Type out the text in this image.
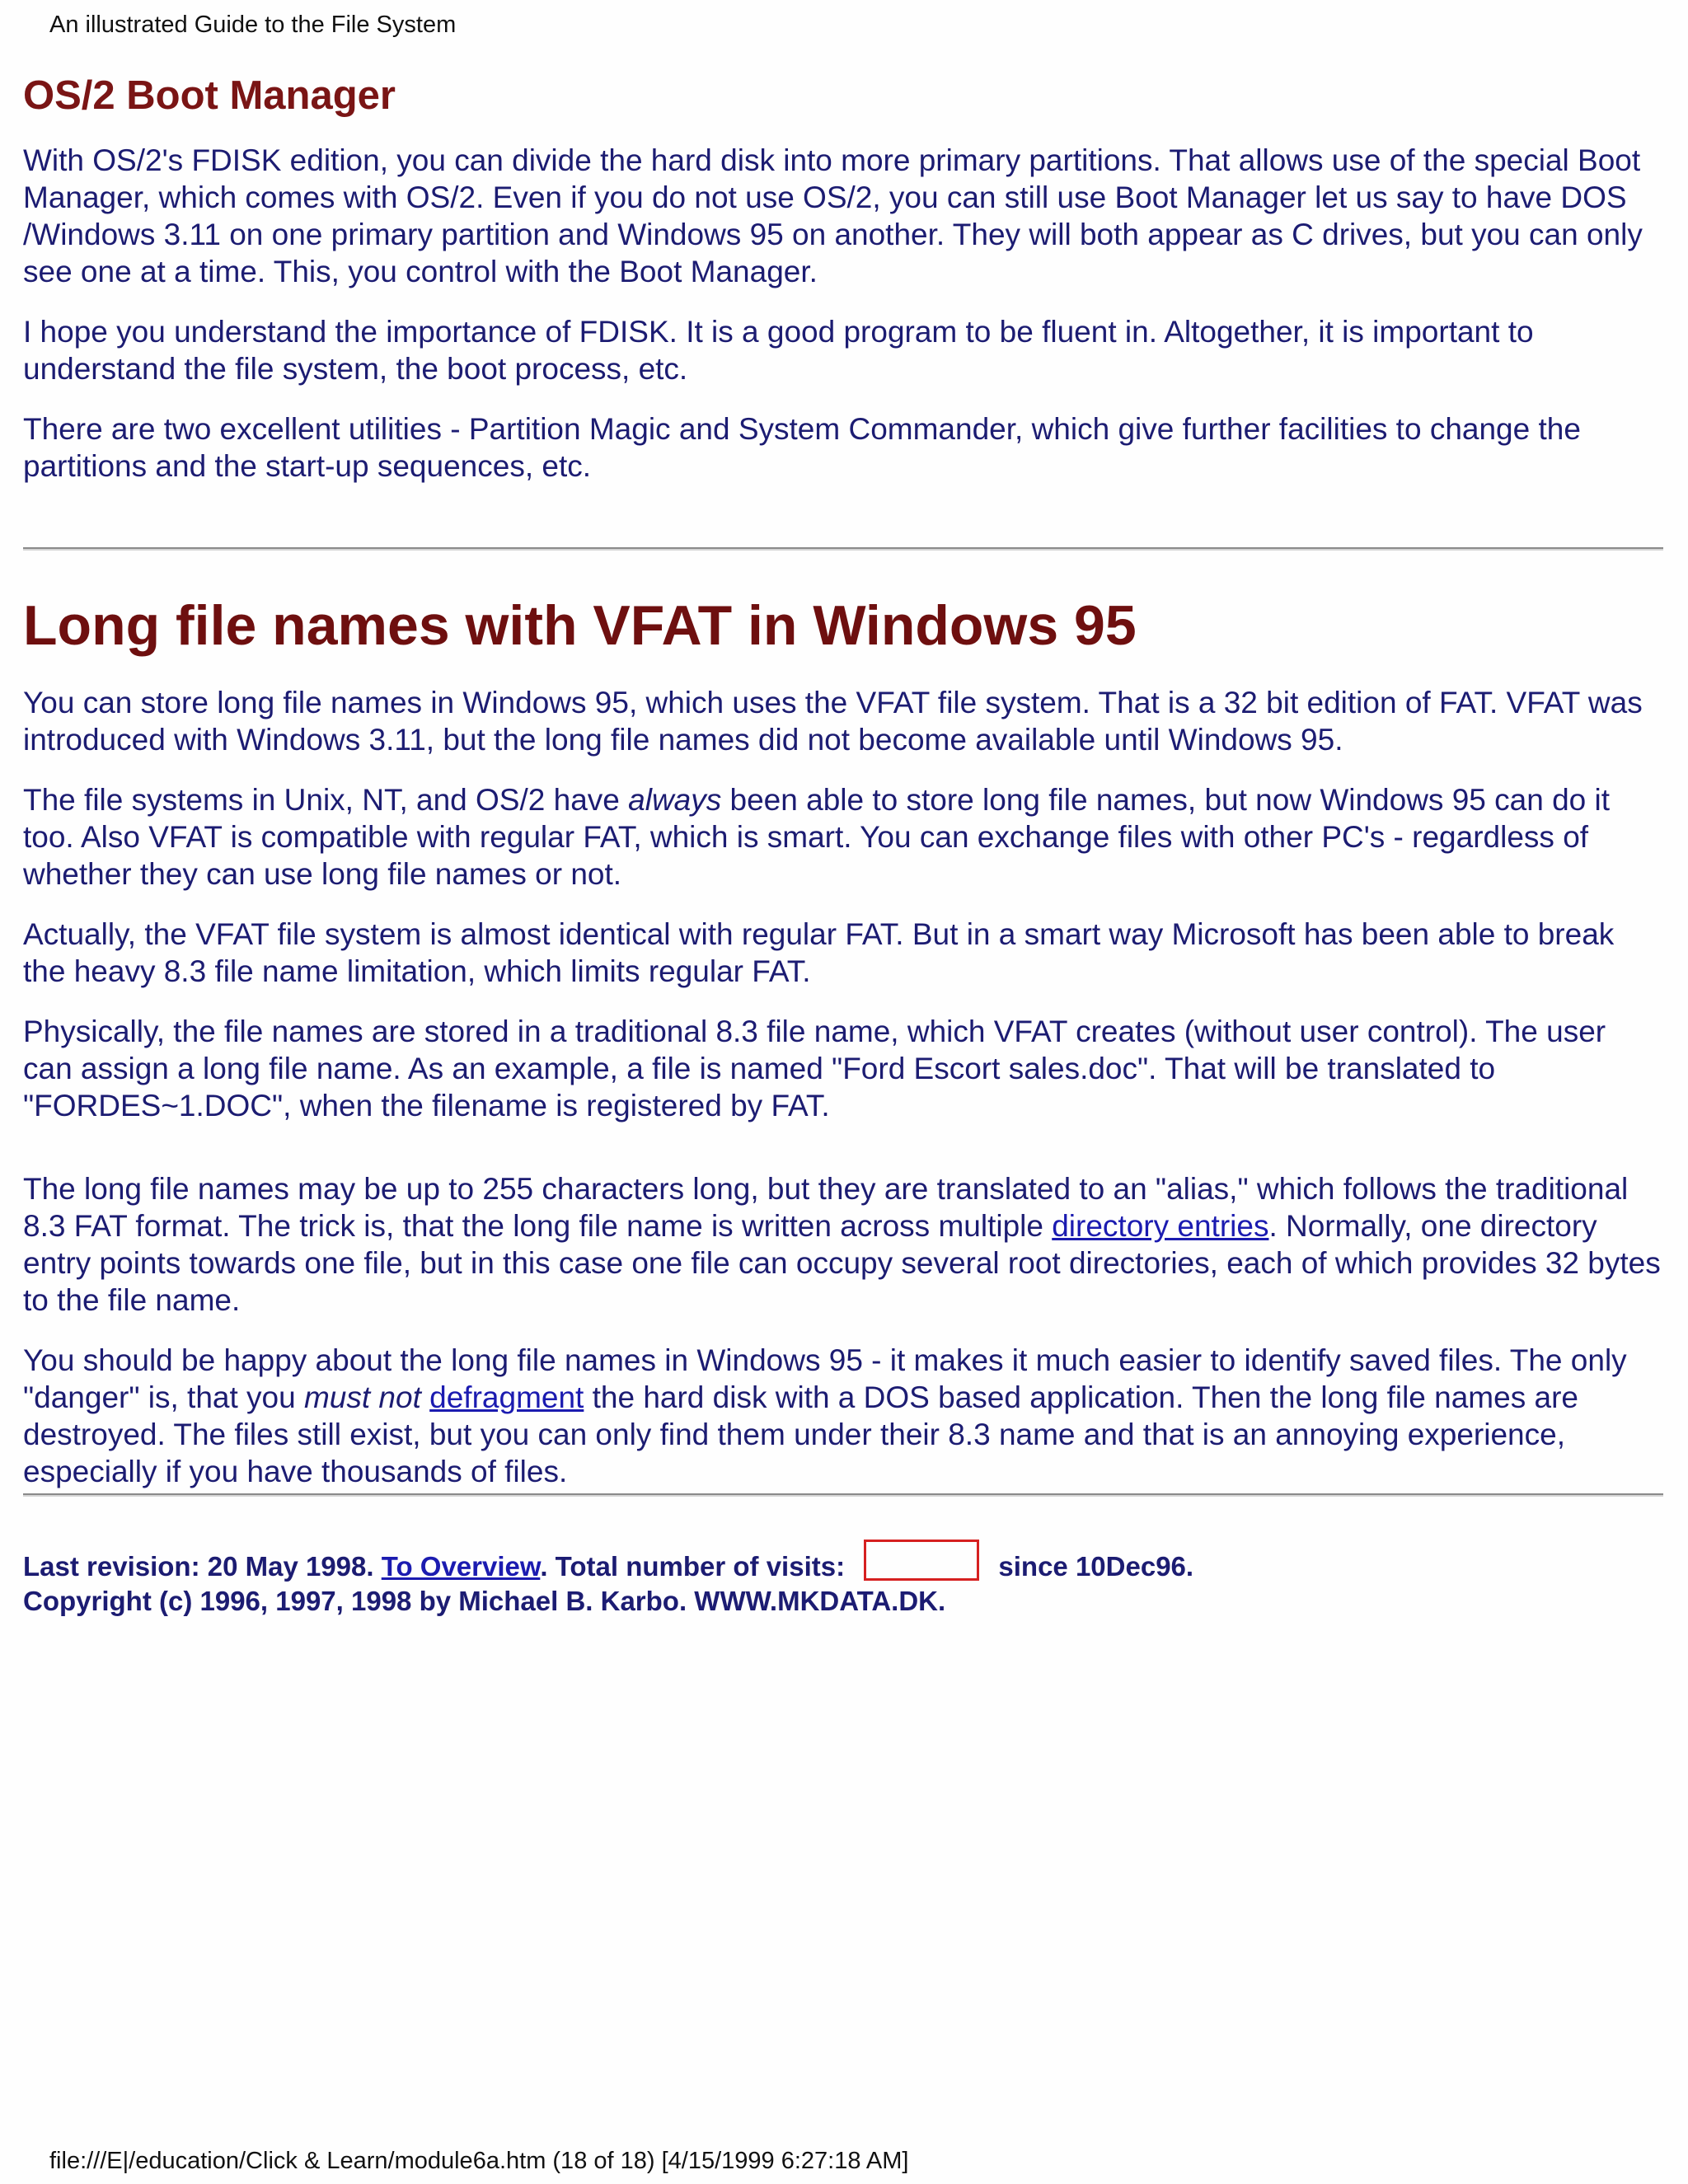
An illustrated Guide to the File System
OS/2 Boot Manager

With OS/2's FDISK edition, you can divide the hard disk into more primary partitions. That allows use of the special Boot Manager, which comes with OS/2. Even if you do not use OS/2, you can still use Boot Manager let us say to have DOS /Windows 3.11 on one primary partition and Windows 95 on another. They will both appear as C drives, but you can only see one at a time. This, you control with the Boot Manager.

I hope you understand the importance of FDISK. It is a good program to be fluent in. Altogether, it is important to understand the file system, the boot process, etc.

There are two excellent utilities - Partition Magic and System Commander, which give further facilities to change the partitions and the start-up sequences, etc.

Long file names with VFAT in Windows 95

You can store long file names in Windows 95, which uses the VFAT file system. That is a 32 bit edition of FAT. VFAT was introduced with Windows 3.11, but the long file names did not become available until Windows 95.

The file systems in Unix, NT, and OS/2 have always been able to store long file names, but now Windows 95 can do it too. Also VFAT is compatible with regular FAT, which is smart. You can exchange files with other PC's - regardless of whether they can use long file names or not.

Actually, the VFAT file system is almost identical with regular FAT. But in a smart way Microsoft has been able to break the heavy 8.3 file name limitation, which limits regular FAT.

Physically, the file names are stored in a traditional 8.3 file name, which VFAT creates (without user control). The user can assign a long file name. As an example, a file is named "Ford Escort sales.doc". That will be translated to "FORDES~1.DOC", when the filename is registered by FAT.

The long file names may be up to 255 characters long, but they are translated to an "alias," which follows the traditional 8.3 FAT format. The trick is, that the long file name is written across multiple directory entries. Normally, one directory entry points towards one file, but in this case one file can occupy several root directories, each of which provides 32 bytes to the file name.

You should be happy about the long file names in Windows 95 - it makes it much easier to identify saved files. The only "danger" is, that you must not defragment the hard disk with a DOS based application. Then the long file names are destroyed. The files still exist, but you can only find them under their 8.3 name and that is an annoying experience, especially if you have thousands of files.

Last revision: 20 May 1998. To Overview. Total number of visits:	since 10Dec96.
Copyright (c) 1996, 1997, 1998 by Michael B. Karbo. WWW.MKDATA.DK.
file:///E|/education/Click & Learn/module6a.htm (18 of 18) [4/15/1999 6:27:18 AM]
